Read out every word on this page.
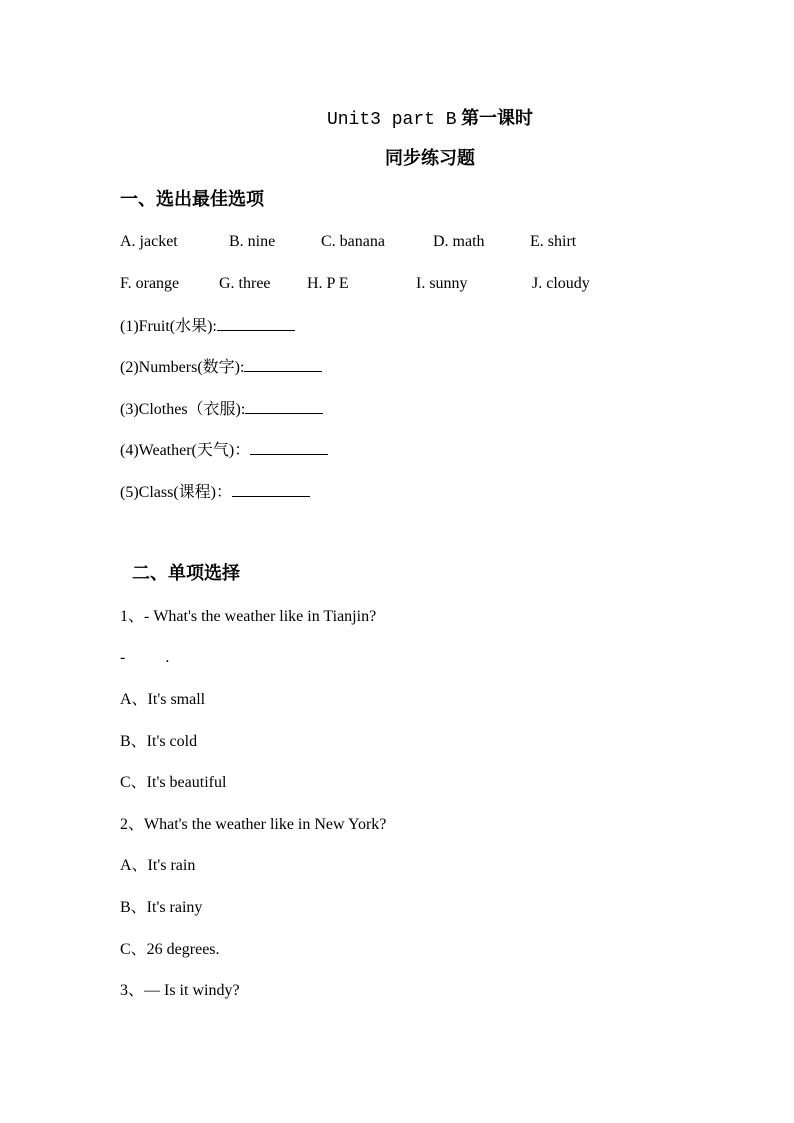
Unit3 part B 第一课时
同步练习题
一、选出最佳选项
A. jacket	B. nine	C. banana	D. math	E. shirt
F. orange G. three H. P E	I. sunny	J. cloudy
(1)Fruit(水果):
(2)Numbers(数字):
(3)Clothes（衣服):
(4)Weather(天气)：
(5)Class(课程)：
二、单项选择
1、- What's the weather like in Tianjin?
-          .
A、It's small
B、It's cold
C、It's beautiful
2、What's the weather like in New York?
A、It's rain
B、It's rainy
C、26 degrees.
3、— Is it windy?
